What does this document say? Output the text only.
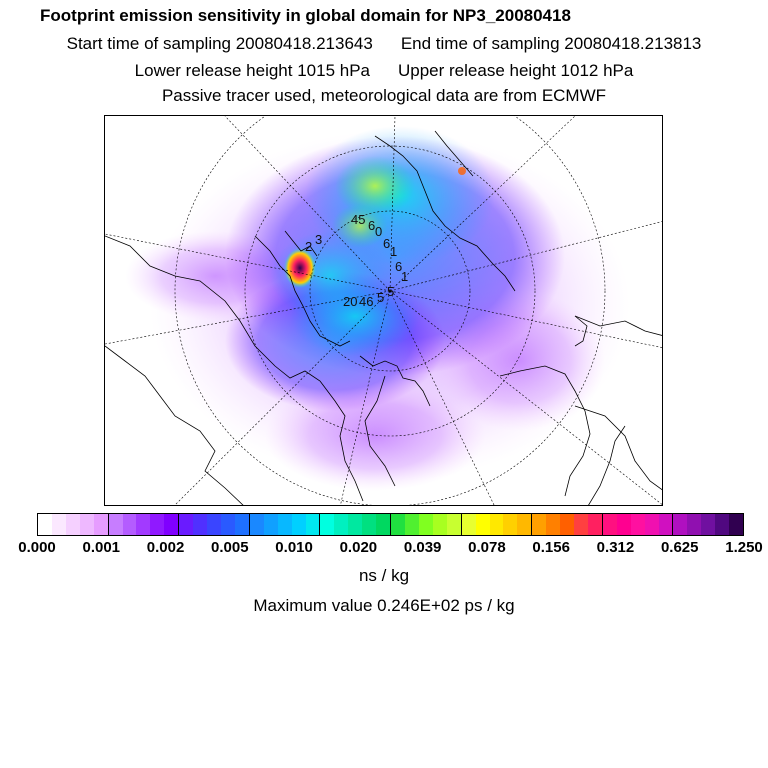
Footprint emission sensitivity in global domain for NP3_20080418
Start time of sampling 20080418.213643 End time of sampling 20080418.213813
Lower release height 1015 hPa Upper release height 1012 hPa
Passive tracer used, meteorological data are from ECMWF
45 6 0
2	6
1
6
1
20 46 5 5
3
0.000 0.001 0.002 0.005 0.010 0.020 0.039 0.078 0.156 0.312 0.625 1.250
ns / kg
Maximum value 0.246E+02 ps / kg
